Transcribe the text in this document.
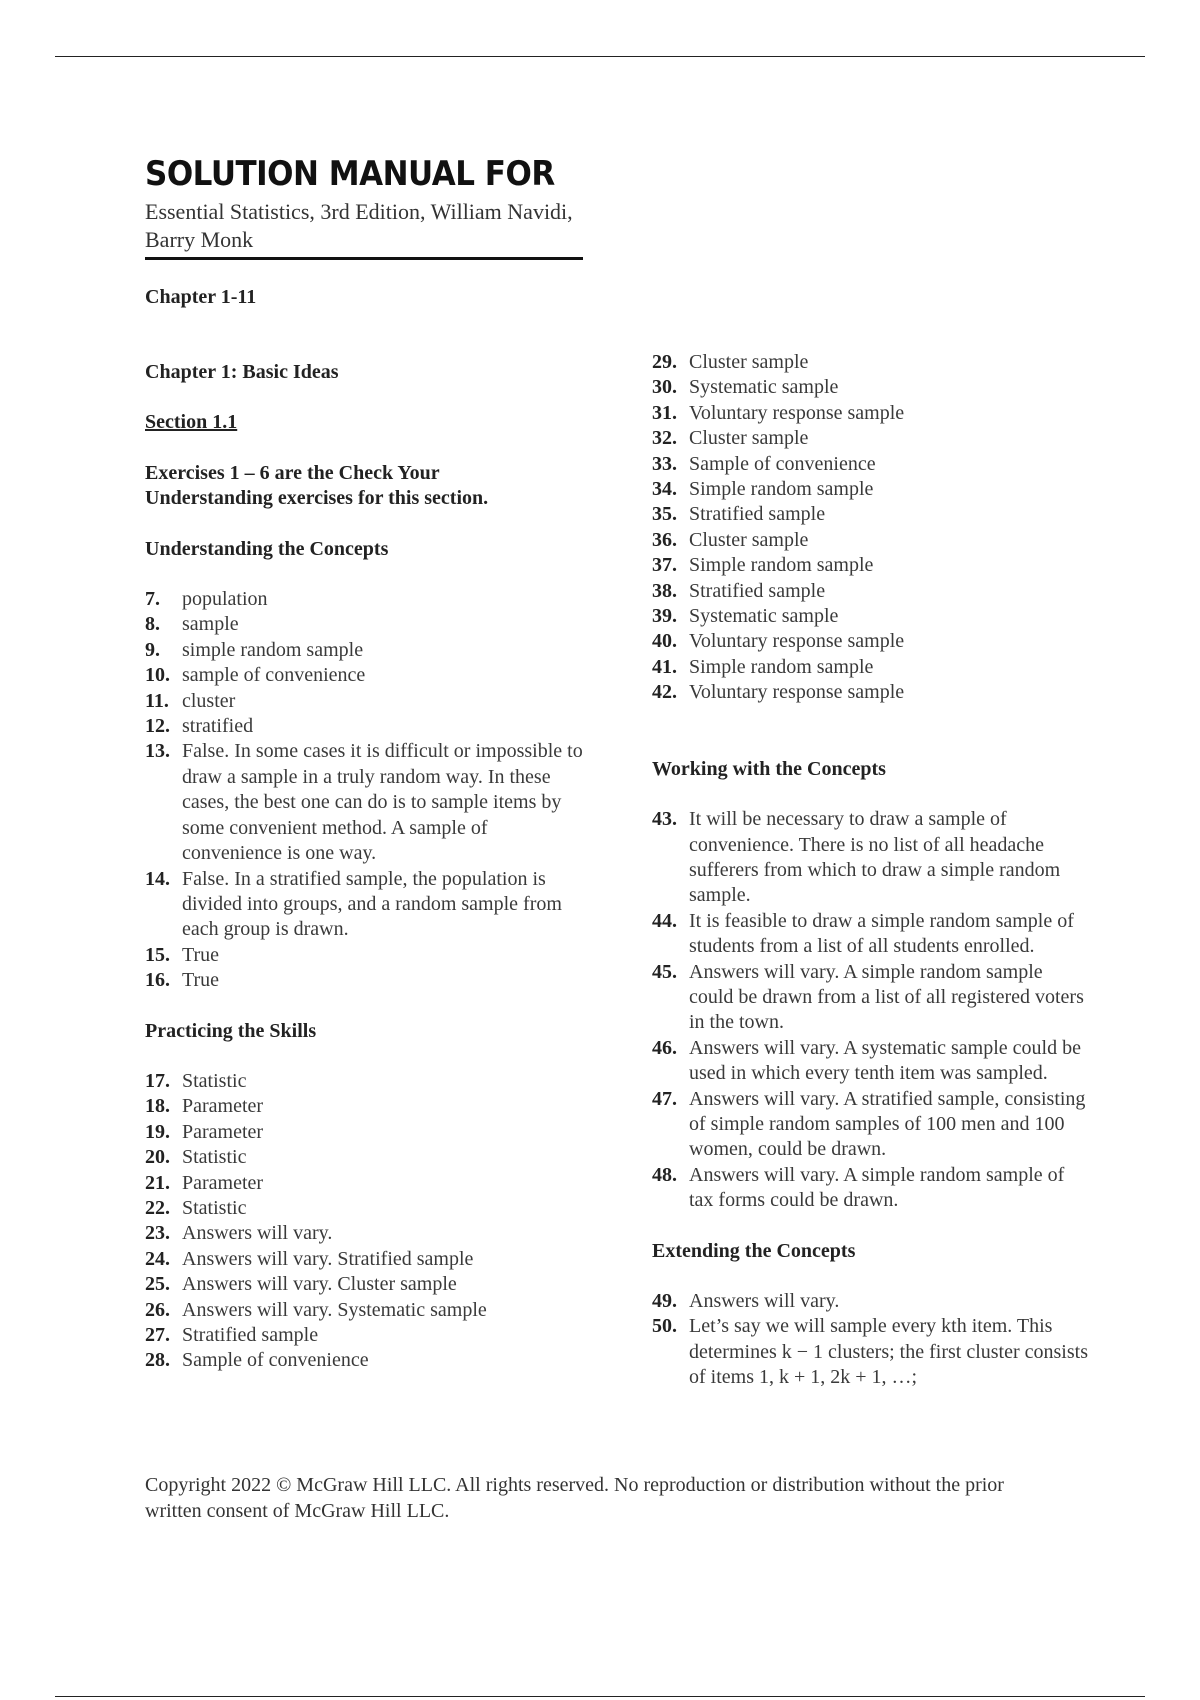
SOLUTION MANUAL FOR
Essential Statistics, 3rd Edition, William Navidi, Barry Monk
Chapter 1-11
Chapter 1: Basic Ideas
Section 1.1
Exercises 1 – 6 are the Check Your Understanding exercises for this section.
Understanding the Concepts
7.	population
8.	sample
9.	simple random sample
10. sample of convenience
11. cluster
12. stratified
13. False. In some cases it is difficult or impossible to draw a sample in a truly random way. In these cases, the best one can do is to sample items by some convenient method. A sample of convenience is one way.
14. False. In a stratified sample, the population is divided into groups, and a random sample from each group is drawn.
15. True
16. True
Practicing the Skills
17. Statistic
18. Parameter
19. Parameter
20. Statistic
21. Parameter
22. Statistic
23. Answers will vary.
24. Answers will vary. Stratified sample
25. Answers will vary. Cluster sample
26. Answers will vary. Systematic sample
27. Stratified sample
28. Sample of convenience
29. Cluster sample
30. Systematic sample
31. Voluntary response sample
32. Cluster sample
33. Sample of convenience
34. Simple random sample
35. Stratified sample
36. Cluster sample
37. Simple random sample
38. Stratified sample
39. Systematic sample
40. Voluntary response sample
41. Simple random sample
42. Voluntary response sample
Working with the Concepts
43. It will be necessary to draw a sample of convenience. There is no list of all headache sufferers from which to draw a simple random sample.
44. It is feasible to draw a simple random sample of students from a list of all students enrolled.
45. Answers will vary. A simple random sample could be drawn from a list of all registered voters in the town.
46. Answers will vary. A systematic sample could be used in which every tenth item was sampled.
47. Answers will vary. A stratified sample, consisting of simple random samples of 100 men and 100 women, could be drawn.
48. Answers will vary. A simple random sample of tax forms could be drawn.
Extending the Concepts
49. Answers will vary.
50. Let’s say we will sample every kth item. This determines k − 1 clusters; the first cluster consists of items 1, k + 1, 2k + 1, …;
Copyright 2022 © McGraw Hill LLC. All rights reserved. No reproduction or distribution without the prior written consent of McGraw Hill LLC.
